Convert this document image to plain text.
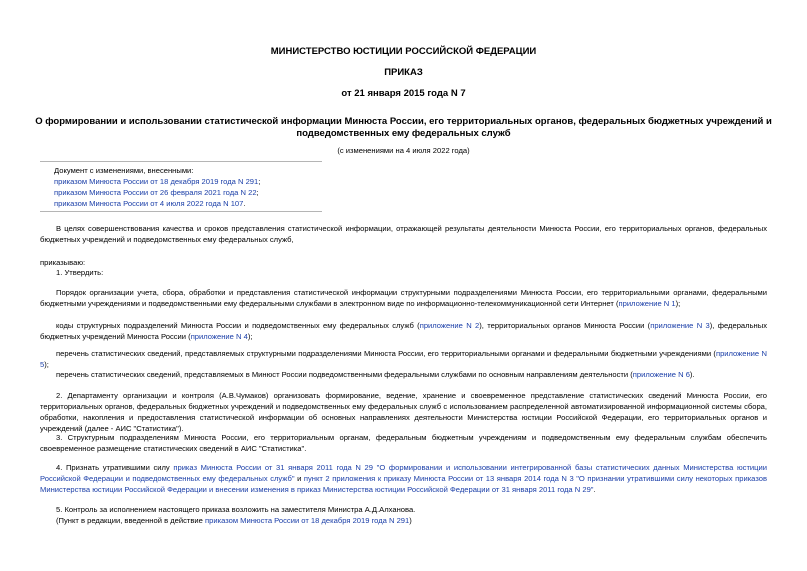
МИНИСТЕРСТВО ЮСТИЦИИ РОССИЙСКОЙ ФЕДЕРАЦИИ
ПРИКАЗ
от 21 января 2015 года N 7
О формировании и использовании статистической информации Минюста России, его территориальных органов, федеральных бюджетных учреждений и
подведомственных ему федеральных служб
(с изменениями на 4 июля 2022 года)
Документ с изменениями, внесенными:
приказом Минюста России от 18 декабря 2019 года N 291;
приказом Минюста России от 26 февраля 2021 года N 22;
приказом Минюста России от 4 июля 2022 года N 107.
В целях совершенствования качества и сроков представления статистической информации, отражающей результаты деятельности Минюста России, его территориальных органов, федеральных бюджетных учреждений и подведомственных ему федеральных служб,
приказываю:
1. Утвердить:
Порядок организации учета, сбора, обработки и представления статистической информации структурными подразделениями Минюста России, его территориальными органами, федеральными бюджетными учреждениями и подведомственными ему федеральными службами в электронном виде по информационно-телекоммуникационной сети Интернет (приложение N 1);
коды структурных подразделений Минюста России и подведомственных ему федеральных служб (приложение N 2), территориальных органов Минюста России (приложение N 3), федеральных бюджетных учреждений Минюста России (приложение N 4);
перечень статистических сведений, представляемых структурными подразделениями Минюста России, его территориальными органами и федеральными бюджетными учреждениями (приложение N 5);
перечень статистических сведений, представляемых в Минюст России подведомственными федеральными службами по основным направлениям деятельности (приложение N 6).
2. Департаменту организации и контроля (А.В.Чумаков) организовать формирование, ведение, хранение и своевременное представление статистических сведений Минюста России, его территориальных органов, федеральных бюджетных учреждений и подведомственных ему федеральных служб с использованием распределенной автоматизированной информационной системы сбора, обработки, накопления и предоставления статистической информации об основных направлениях деятельности Министерства юстиции Российской Федерации, его территориальных органов и учреждений (далее - АИС "Статистика").
3. Структурным подразделениям Минюста России, его территориальным органам, федеральным бюджетным учреждениям и подведомственным ему федеральным службам обеспечить своевременное размещение статистических сведений в АИС "Статистика".
4. Признать утратившими силу приказ Минюста России от 31 января 2011 года N 29 "О формировании и использовании интегрированной базы статистических данных Министерства юстиции Российской Федерации и подведомственных ему федеральных служб" и пункт 2 приложения к приказу Минюста России от 13 января 2014 года N 3 "О признании утратившими силу некоторых приказов Министерства юстиции Российской Федерации и внесении изменения в приказ Министерства юстиции Российской Федерации от 31 января 2011 года N 29".
5. Контроль за исполнением настоящего приказа возложить на заместителя Министра А.Д.Алханова.
(Пункт в редакции, введенной в действие приказом Минюста России от 18 декабря 2019 года N 291)
